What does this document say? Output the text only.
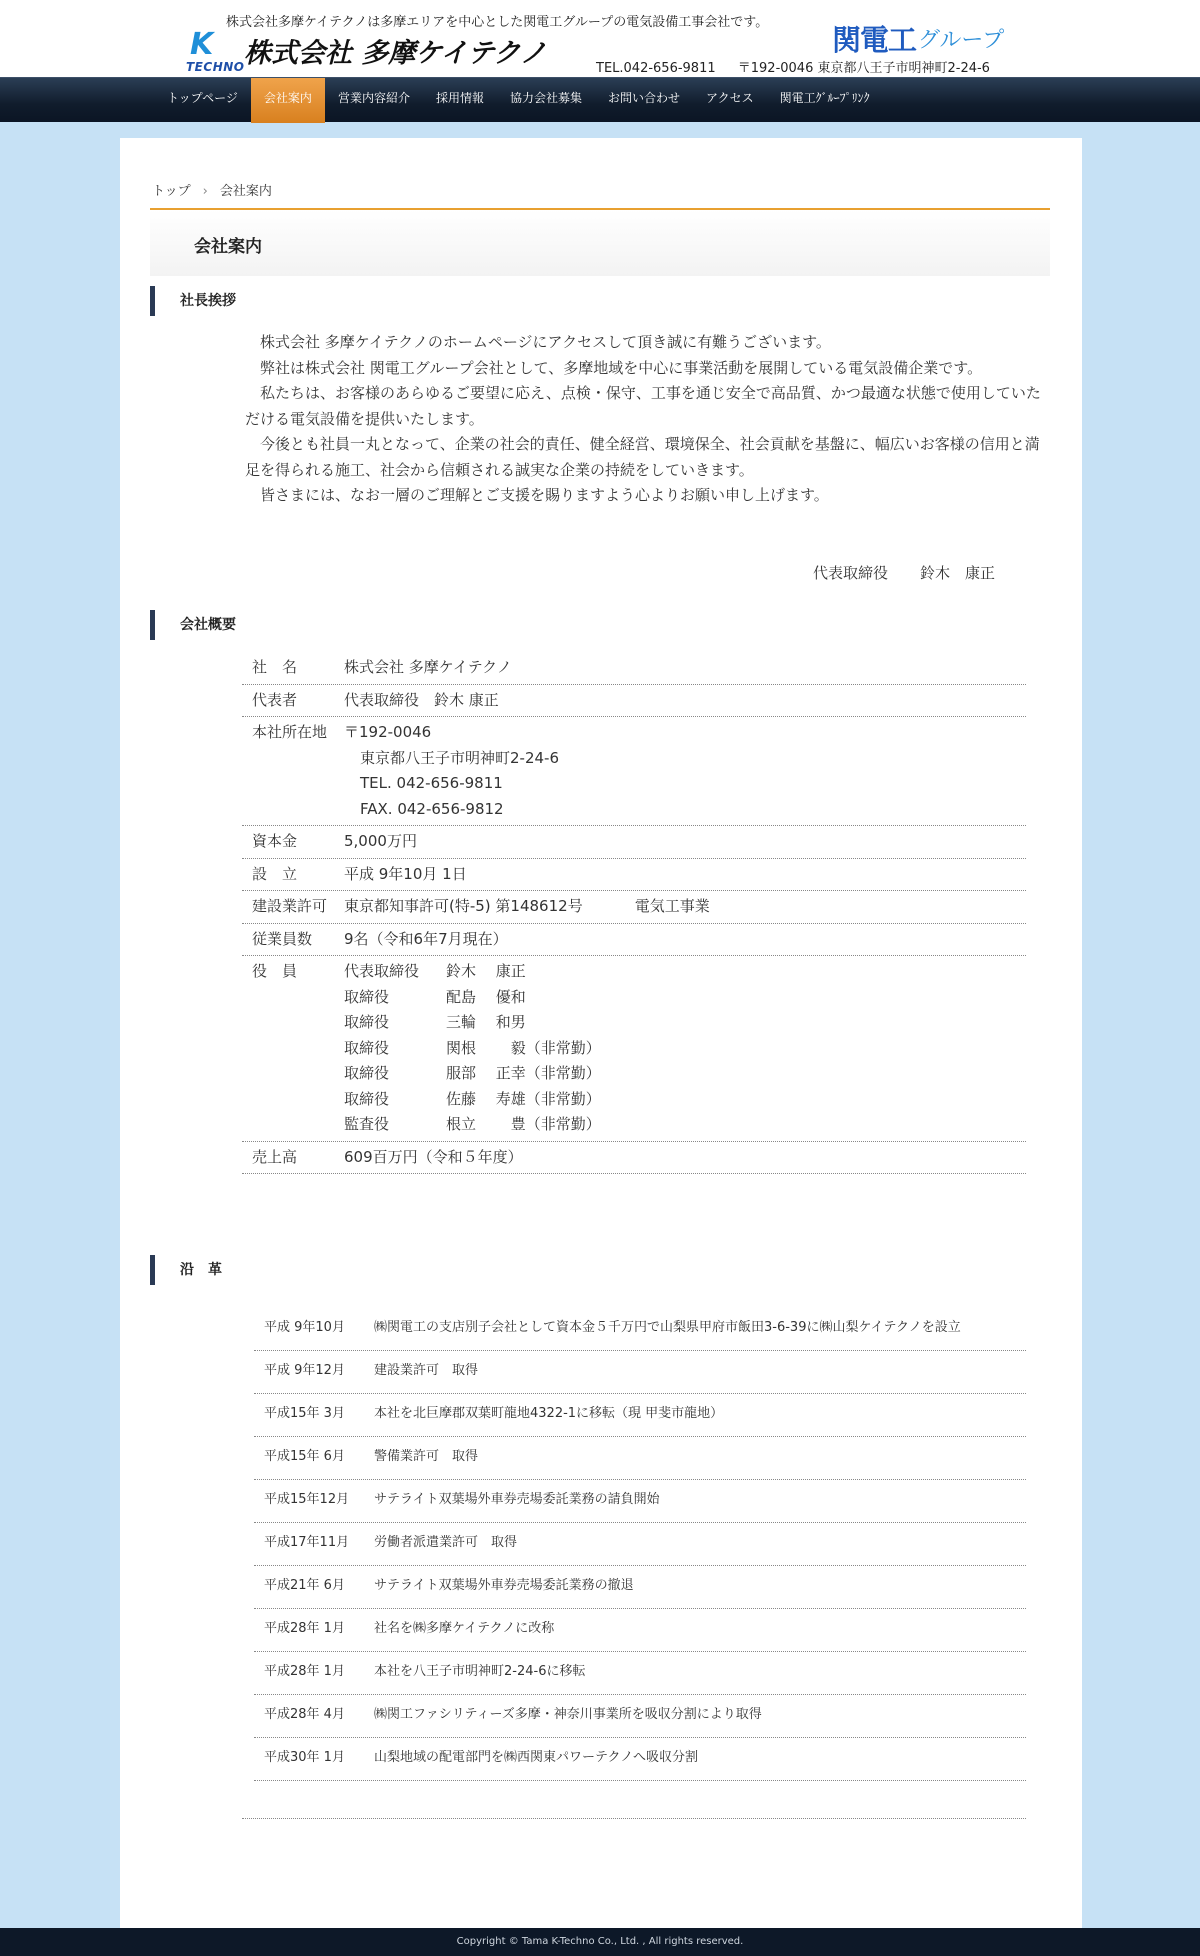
株式会社多摩ケイテクノは多摩エリアを中心とした関電工グループの電気設備工事会社です。
K
TECHNO 株式会社 多摩ケイテクノ	関電工 グループ
TEL.042-656-9811 〒192-0046 東京都八王子市明神町2-24-6
トップページ	会社案内	営業内容紹介	採用情報	協力会社募集	お問い合わせ	アクセス	関電工ｸﾞﾙｰﾌﾟﾘﾝｸ
トップ › 会社案内
会社案内
社長挨拶

株式会社 多摩ケイテクノのホームページにアクセスして頂き誠に有難うございます。

弊社は株式会社 関電工グループ会社として、多摩地域を中心に事業活動を展開している電気設備企業です。

私たちは、お客様のあらゆるご要望に応え、点検・保守、工事を通じ安全で高品質、かつ最適な状態で使用していただける電気設備を提供いたします。

今後とも社員一丸となって、企業の社会的責任、健全経営、環境保全、社会貢献を基盤に、幅広いお客様の信用と満足を得られる施工、社会から信頼される誠実な企業の持続をしていきます。

皆さまには、なお一層のご理解とご支援を賜りますよう心よりお願い申し上げます。

代表取締役 鈴木　康正
会社概要
社　名	株式会社 多摩ケイテクノ
代表者	代表取締役　鈴木 康正
本社所在地	〒192-0046
東京都八王子市明神町2-24-6
TEL. 042-656-9811
FAX. 042-656-9812
資本金	5,000万円
設　立	平成 9年10月 1日
建設業許可	東京都知事許可(特-5) 第148612号	電気工事業
従業員数	9名（令和6年7月現在）
役　員	代表取締役	鈴木　 康正
取締役	配島　 優和
取締役	三輪　 和男
取締役	関根　　 毅（非常勤）
取締役	服部　 正幸（非常勤）
取締役	佐藤　 寿雄（非常勤）
監査役	根立　　 豊（非常勤）
売上高	609百万円（令和５年度）
沿　革
平成 9年10月	㈱関電工の支店別子会社として資本金５千万円で山梨県甲府市飯田3-6-39に㈱山梨ケイテクノを設立
平成 9年12月	建設業許可　取得
平成15年 3月	本社を北巨摩郡双葉町龍地4322-1に移転（現 甲斐市龍地）
平成15年 6月	警備業許可　取得
平成15年12月	サテライト双葉場外車券売場委託業務の請負開始
平成17年11月	労働者派遣業許可　取得
平成21年 6月	サテライト双葉場外車券売場委託業務の撤退
平成28年 1月	社名を㈱多摩ケイテクノに改称
平成28年 1月	本社を八王子市明神町2-24-6に移転
平成28年 4月	㈱関工ファシリティーズ多摩・神奈川事業所を吸収分割により取得
平成30年 1月	山梨地域の配電部門を㈱西関東パワーテクノへ吸収分割
Copyright © Tama K-Techno Co., Ltd. , All rights reserved.
